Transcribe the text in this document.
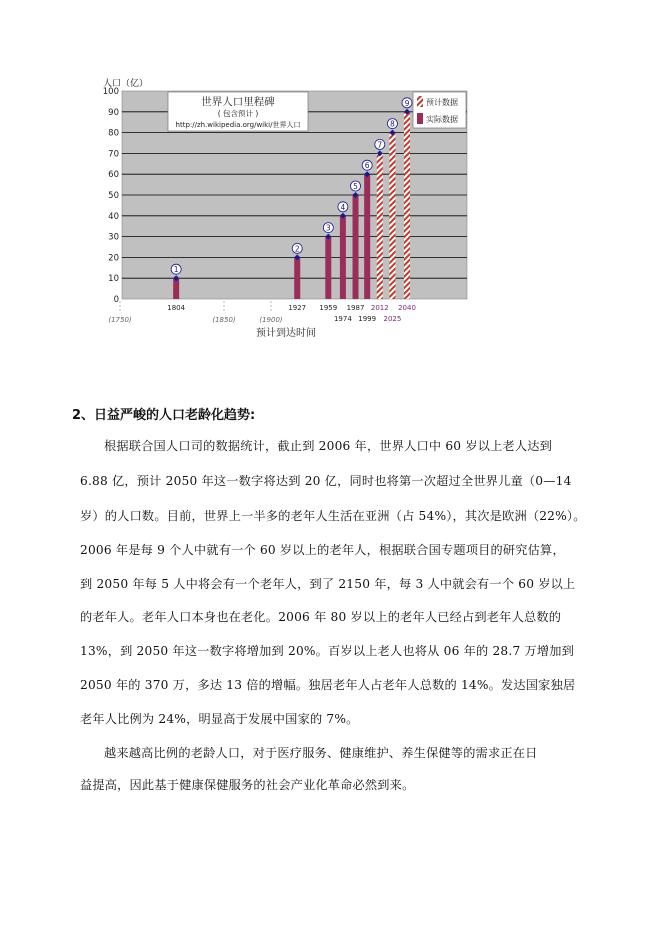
人口（亿）
0
10
20
30
40
50
60
70
80
90
100
(1750)	(1850)	(1900)
1
1804
2
1927
3
1959
4
1974
5
1987
6
1999
7
2012
8
2025
9
2040
世界人口里程碑
( 包含预计 )
http://zh.wikipedia.org/wiki/世界人口
预计数据
实际数据
预计到达时间
2、日益严峻的人口老龄化趋势:
根据联合国人口司的数据统计，截止到 2006 年，世界人口中 60 岁以上老人达到
6.88 亿，预计 2050 年这一数字将达到 20 亿，同时也将第一次超过全世界儿童（0—14
岁）的人口数。目前，世界上一半多的老年人生活在亚洲（占 54%），其次是欧洲（22%）。
2006 年是每 9 个人中就有一个 60 岁以上的老年人，根据联合国专题项目的研究估算，
到 2050 年每 5 人中将会有一个老年人，到了 2150 年，每 3 人中就会有一个 60 岁以上
的老年人。老年人口本身也在老化。2006 年 80 岁以上的老年人已经占到老年人总数的
13%，到 2050 年这一数字将增加到 20%。百岁以上老人也将从 06 年的 28.7 万增加到
2050 年的 370 万，多达 13 倍的增幅。独居老年人占老年人总数的 14%。发达国家独居
老年人比例为 24%，明显高于发展中国家的 7%。
越来越高比例的老龄人口，对于医疗服务、健康维护、养生保健等的需求正在日
益提高，因此基于健康保健服务的社会产业化革命必然到来。
